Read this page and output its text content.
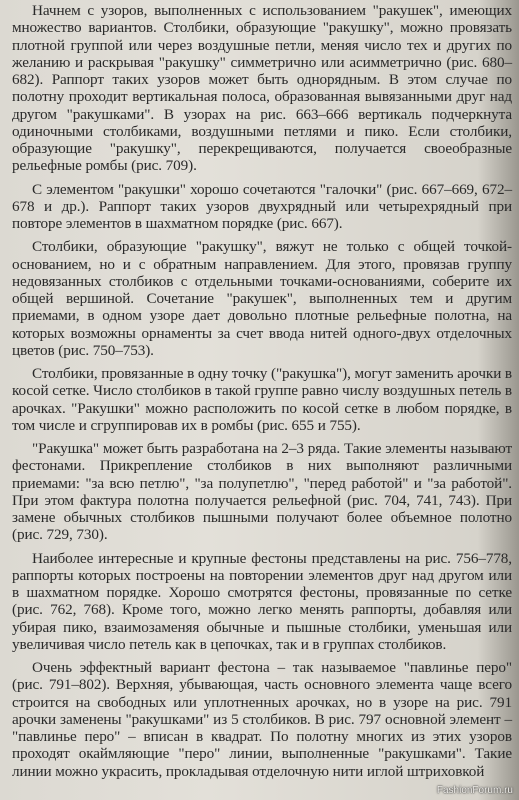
Начнем с узоров, выполненных с использованием "ракушек", имеющих множество вариантов. Столбики, образующие "ракушку", можно провязать плотной группой или через воздушные петли, меняя число тех и других по желанию и раскрывая "ракушку" симметрично или асимметрично (рис. 680–682). Раппорт таких узоров может быть однорядным. В этом случае по полотну проходит вертикальная полоса, образованная вывязанными друг над другом "ракушками". В узорах на рис. 663–666 вертикаль подчеркнута одиночными столбиками, воздушными петлями и пико. Если столбики, образующие "ракушку", перекрещиваются, получается своеобразные рельефные ромбы (рис. 709).

С элементом "ракушки" хорошо сочетаются "галочки" (рис. 667–669, 672–678 и др.). Раппорт таких узоров двухрядный или четырехрядный при повторе элементов в шахматном порядке (рис. 667).

Столбики, образующие "ракушку", вяжут не только с общей точкой-основанием, но и с обратным направлением. Для этого, провязав группу недовязанных столбиков с отдельными точками-основаниями, соберите их общей вершиной. Сочетание "ракушек", выполненных тем и другим приемами, в одном узоре дает довольно плотные рельефные полотна, на которых возможны орнаменты за счет ввода нитей одного-двух отделочных цветов (рис. 750–753).

Столбики, провязанные в одну точку ("ракушка"), могут заменить арочки в косой сетке. Число столбиков в такой группе равно числу воздушных петель в арочках. "Ракушки" можно расположить по косой сетке в любом порядке, в том числе и сгруппировав их в ромбы (рис. 655 и 755).

"Ракушка" может быть разработана на 2–3 ряда. Такие элементы называют фестонами. Прикрепление столбиков в них выполняют различными приемами: "за всю петлю", "за полупетлю", "перед работой" и "за работой". При этом фактура полотна получается рельефной (рис. 704, 741, 743). При замене обычных столбиков пышными получают более объемное полотно (рис. 729, 730).

Наиболее интересные и крупные фестоны представлены на рис. 756–778, раппорты которых построены на повторении элементов друг над другом или в шахматном порядке. Хорошо смотрятся фестоны, провязанные по сетке (рис. 762, 768). Кроме того, можно легко менять раппорты, добавляя или убирая пико, взаимозаменяя обычные и пышные столбики, уменьшая или увеличивая число петель как в цепочках, так и в группах столбиков.

Очень эффектный вариант фестона – так называемое "павлинье перо" (рис. 791–802). Верхняя, убывающая, часть основного элемента чаще всего строится на свободных или уплотненных арочках, но в узоре на рис. 791 арочки заменены "ракушками" из 5 столбиков. В рис. 797 основной элемент – "павлинье перо" – вписан в квадрат. По полотну многих из этих узоров проходят окаймляющие "перо" линии, выполненные "ракушками". Такие линии можно украсить, прокладывая отделочную нити иглой штриховкой

FashionForum.ru
